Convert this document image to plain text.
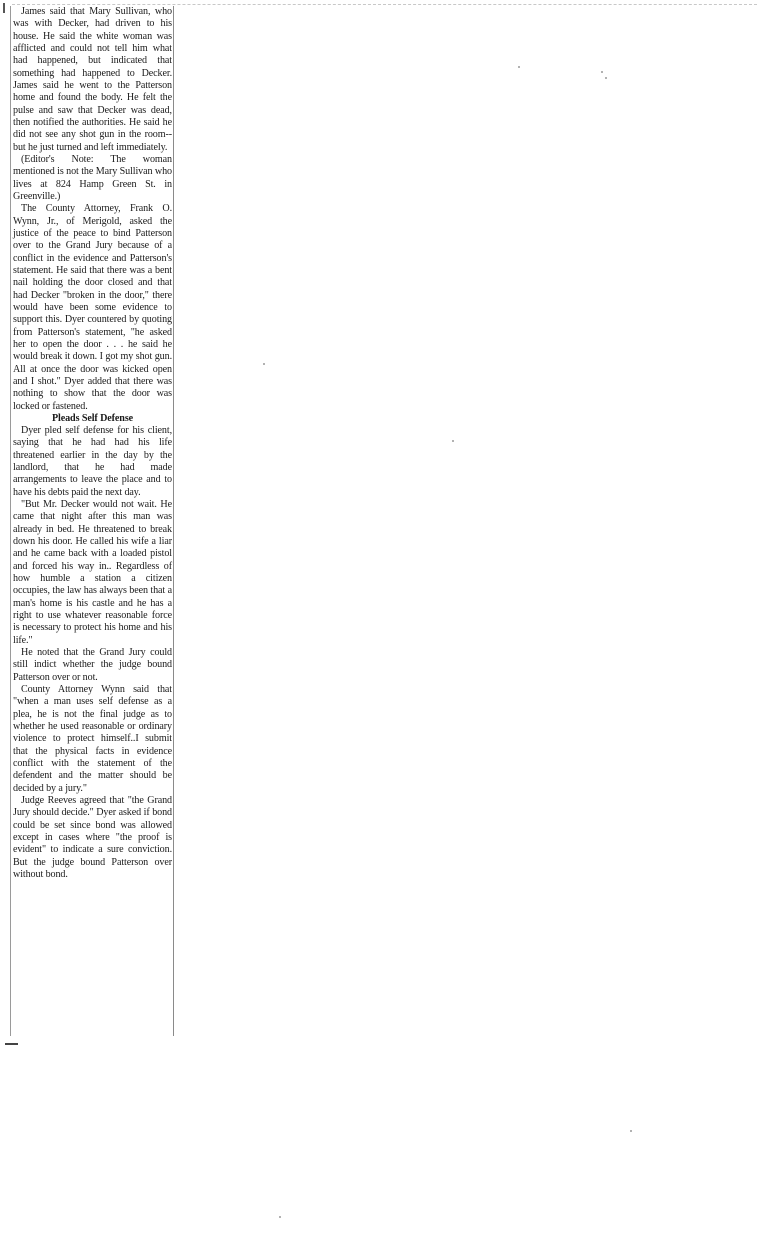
James said that Mary Sullivan, who was with Decker, had driven to his house. He said the white woman was afflicted and could not tell him what had happened, but indicated that something had happened to Decker. James said he went to the Patterson home and found the body. He felt the pulse and saw that Decker was dead, then notified the authorities. He said he did not see any shot gun in the room--but he just turned and left immediately.

(Editor's Note: The woman mentioned is not the Mary Sullivan who lives at 824 Hamp Green St. in Greenville.)

The County Attorney, Frank O. Wynn, Jr., of Merigold, asked the justice of the peace to bind Patterson over to the Grand Jury because of a conflict in the evidence and Patterson's statement. He said that there was a bent nail holding the door closed and that had Decker "broken in the door," there would have been some evidence to support this. Dyer countered by quoting from Patterson's statement, "he asked her to open the door . . . he said he would break it down. I got my shot gun. All at once the door was kicked open and I shot." Dyer added that there was nothing to show that the door was locked or fastened.

Pleads Self Defense

Dyer pled self defense for his client, saying that he had had his life threatened earlier in the day by the landlord, that he had made arrangements to leave the place and to have his debts paid the next day.

"But Mr. Decker would not wait. He came that night after this man was already in bed. He threatened to break down his door. He called his wife a liar and he came back with a loaded pistol and forced his way in.. Regardless of how humble a station a citizen occupies, the law has always been that a man's home is his castle and he has a right to use whatever reasonable force is necessary to protect his home and his life."

He noted that the Grand Jury could still indict whether the judge bound Patterson over or not.

County Attorney Wynn said that "when a man uses self defense as a plea, he is not the final judge as to whether he used reasonable or ordinary violence to protect himself..I submit that the physical facts in evidence conflict with the statement of the defendent and the matter should be decided by a jury."

Judge Reeves agreed that "the Grand Jury should decide." Dyer asked if bond could be set since bond was allowed except in cases where "the proof is evident" to indicate a sure conviction. But the judge bound Patterson over without bond.
